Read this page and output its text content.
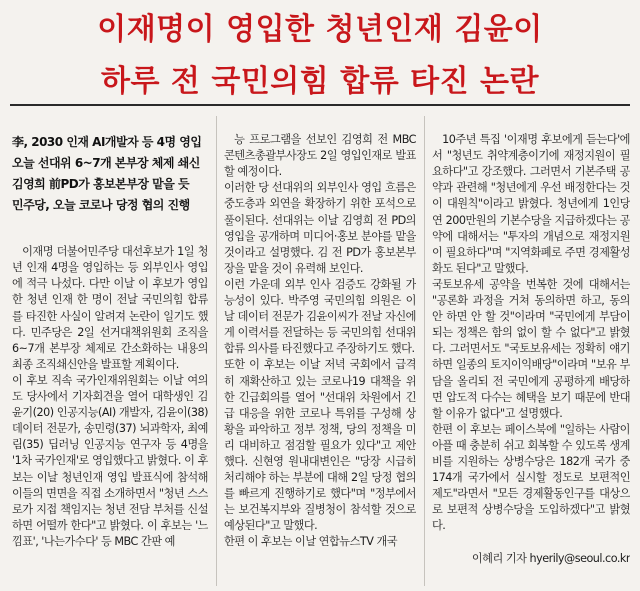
이재명이 영입한 청년인재 김윤이
하루 전 국민의힘 합류 타진 논란

李, 2030 인재 AI개발자 등 4명 영입
오늘 선대위 6~7개 본부장 체제 쇄신
김영희 前PD가 홍보본부장 맡을 듯
민주당, 오늘 코로나 당정 협의 진행

이재명 더불어민주당 대선후보가 1일 청년 인재 4명을 영입하는 등 외부인사 영입에 적극 나섰다. 다만 이날 이 후보가 영입한 청년 인재 한 명이 전날 국민의힘 합류를 타진한 사실이 알려져 논란이 일기도 했다. 민주당은 2일 선거대책위원회 조직을 6~7개 본부장 체제로 간소화하는 내용의 최종 조직쇄신안을 발표할 계획이다.
이 후보 직속 국가인재위원회는 이날 여의도 당사에서 기자회견을 열어 대학생인 김윤기(20) 인공지능(AI) 개발자, 김윤이(38) 데이터 전문가, 송민령(37) 뇌과학자, 최예림(35) 딥러닝 인공지능 연구자 등 4명을 '1차 국가인재'로 영입했다고 밝혔다. 이 후보는 이날 청년인재 영입 발표식에 참석해 이들의 면면을 직접 소개하면서 "청년 스스로가 지접 책임지는 청년 전담 부처를 신설하면 어떨까 한다"고 밝혔다. 이 후보는 '느낌표', '나는가수다' 등 MBC 간판 예

능 프로그램을 선보인 김영희 전 MBC 콘텐츠총괄부사장도 2일 영입인재로 발표할 예정이다.
이러한 당 선대위의 외부인사 영입 흐름은 중도층과 외연을 확장하기 위한 포석으로 풀이된다. 선대위는 이날 김영희 전 PD의 영입을 공개하며 미디어·홍보 분야를 맡을 것이라고 설명했다. 김 전 PD가 홍보본부장을 맡을 것이 유력해 보인다.
이런 가운데 외부 인사 검증도 강화될 가능성이 있다. 박주영 국민의힘 의원은 이날 데이터 전문가 김윤이씨가 전날 자신에게 이력서를 전달하는 등 국민의힘 선대위 합류 의사를 타진했다고 주장하기도 했다.
또한 이 후보는 이날 저녁 국회에서 급격히 재확산하고 있는 코로나19 대책을 위한 긴급회의를 열어 "선대위 차원에서 긴급 대응을 위한 코로나 특위를 구성해 상황을 파악하고 정부 정책, 당의 정책을 미리 대비하고 점검할 필요가 있다"고 제안했다. 신현영 원내대변인은 "당장 시급히 처리해야 하는 부분에 대해 2일 당정 협의를 빠르게 진행하기로 했다"며 "정부에서는 보건복지부와 질병청이 참석할 것으로 예상된다"고 말했다.
한편 이 후보는 이날 연합뉴스TV 개국

10주년 특집 '이재명 후보에게 듣는다'에서 "청년도 취약계층이기에 재정지원이 필요하다"고 강조했다. 그러면서 기본주택 공약과 관련해 "청년에게 우선 배정한다는 것이 대원칙"이라고 밝혔다. 청년에게 1인당 연 200만원의 기본수당을 지급하겠다는 공약에 대해서는 "투자의 개념으로 재정지원이 필요하다"며 "지역화폐로 주면 경제활성화도 된다"고 말했다.
국토보유세 공약을 번복한 것에 대해서는 "공론화 과정을 거쳐 동의하면 하고, 동의 안 하면 안 할 것"이라며 "국민에게 부담이 되는 정책은 함의 없이 할 수 없다"고 밝혔다. 그러면서도 "국토보유세는 정확히 얘기하면 일종의 토지이익배당"이라며 "보유 부담을 올리되 전 국민에게 공평하게 배당하면 압도적 다수는 혜택을 보기 때문에 반대할 이유가 없다"고 설명했다.
한편 이 후보는 페이스북에 "일하는 사람이 아플 때 충분히 쉬고 회복할 수 있도록 생계비를 지원하는 상병수당은 182개 국가 중 174개 국가에서 실시할 정도로 보편적인 제도"라면서 "모든 경제활동인구를 대상으로 보편적 상병수당을 도입하겠다"고 밝혔다.

이혜리 기자 hyerily@seoul.co.kr
